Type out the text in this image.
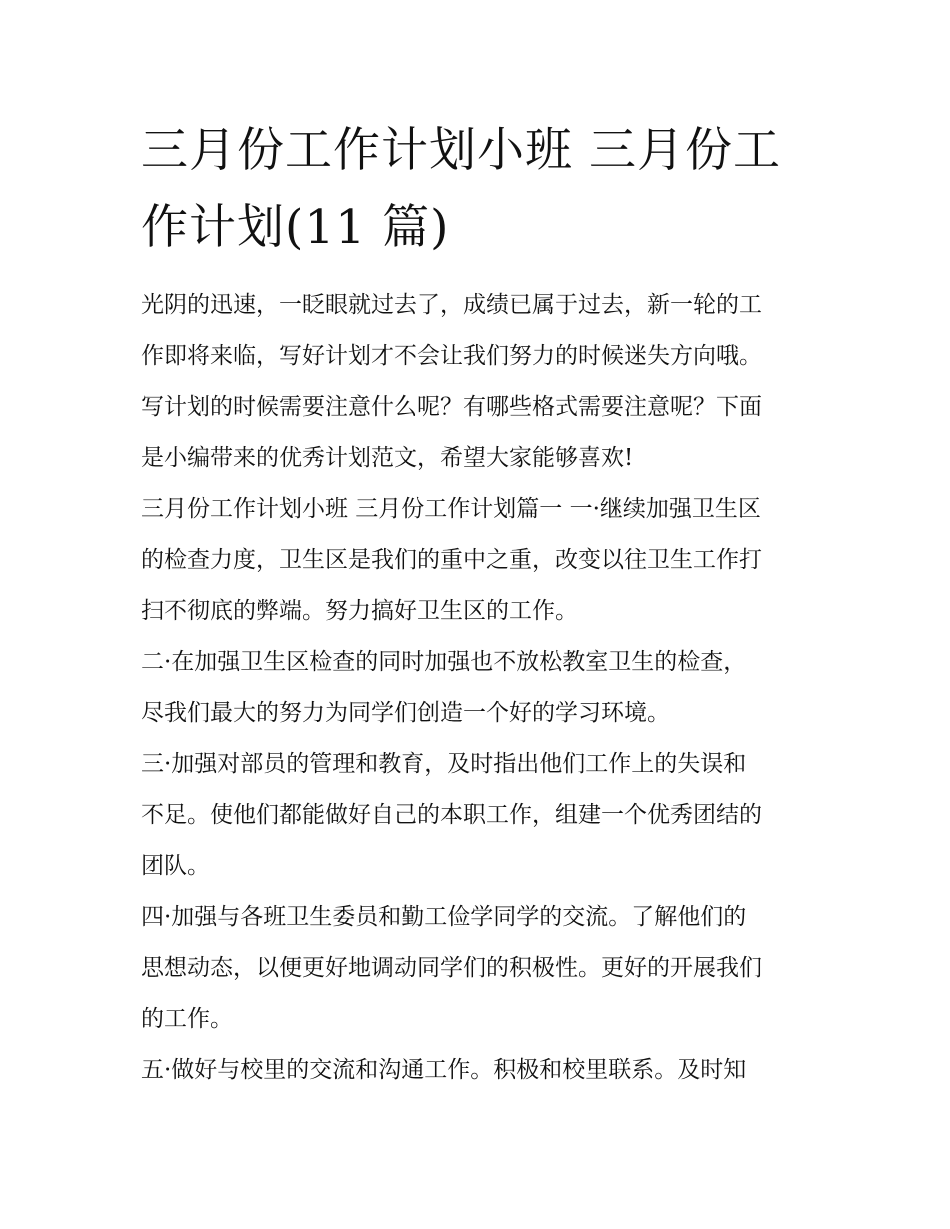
三月份工作计划小班 三月份工
作计划(11 篇)

光阴的迅速，一眨眼就过去了，成绩已属于过去，新一轮的工
作即将来临，写好计划才不会让我们努力的时候迷失方向哦。
写计划的时候需要注意什么呢？有哪些格式需要注意呢？下面
是小编带来的优秀计划范文，希望大家能够喜欢!

三月份工作计划小班 三月份工作计划篇一 一·继续加强卫生区
的检查力度，卫生区是我们的重中之重，改变以往卫生工作打
扫不彻底的弊端。努力搞好卫生区的工作。

二·在加强卫生区检查的同时加强也不放松教室卫生的检查，
尽我们最大的努力为同学们创造一个好的学习环境。

三·加强对部员的管理和教育，及时指出他们工作上的失误和
不足。使他们都能做好自己的本职工作，组建一个优秀团结的
团队。

四·加强与各班卫生委员和勤工俭学同学的交流。了解他们的
思想动态，以便更好地调动同学们的积极性。更好的开展我们
的工作。

五·做好与校里的交流和沟通工作。积极和校里联系。及时知
